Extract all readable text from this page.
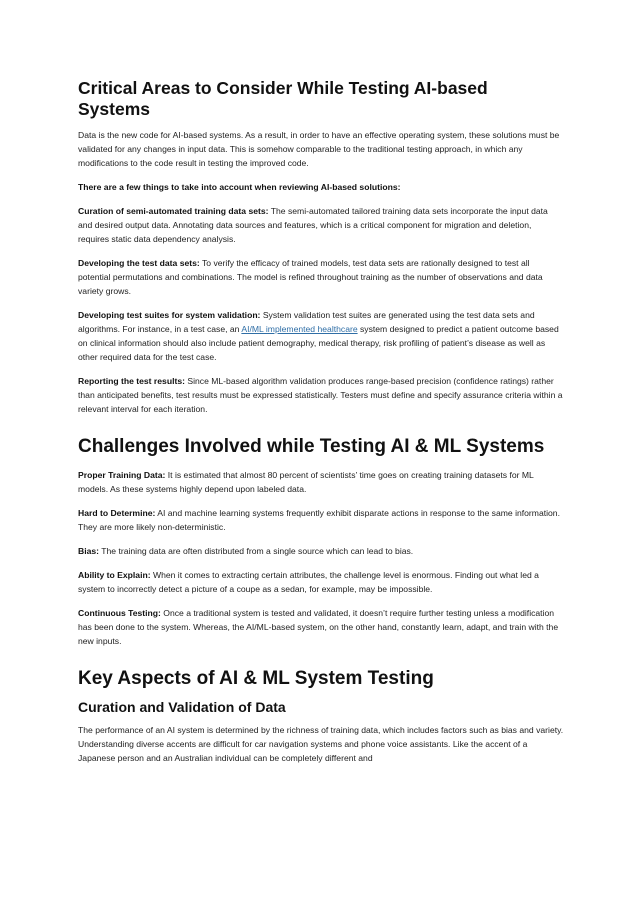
Critical Areas to Consider While Testing AI-based Systems

Data is the new code for AI-based systems. As a result, in order to have an effective operating system, these solutions must be validated for any changes in input data. This is somehow comparable to the traditional testing approach, in which any modifications to the code result in testing the improved code.

There are a few things to take into account when reviewing AI-based solutions:

Curation of semi-automated training data sets: The semi-automated tailored training data sets incorporate the input data and desired output data. Annotating data sources and features, which is a critical component for migration and deletion, requires static data dependency analysis.

Developing the test data sets: To verify the efficacy of trained models, test data sets are rationally designed to test all potential permutations and combinations. The model is refined throughout training as the number of observations and data variety grows.

Developing test suites for system validation: System validation test suites are generated using the test data sets and algorithms. For instance, in a test case, an AI/ML implemented healthcare system designed to predict a patient outcome based on clinical information should also include patient demography, medical therapy, risk profiling of patient’s disease as well as other required data for the test case.

Reporting the test results: Since ML-based algorithm validation produces range-based precision (confidence ratings) rather than anticipated benefits, test results must be expressed statistically. Testers must define and specify assurance criteria within a relevant interval for each iteration.

Challenges Involved while Testing AI & ML Systems

Proper Training Data: It is estimated that almost 80 percent of scientists’ time goes on creating training datasets for ML models. As these systems highly depend upon labeled data.

Hard to Determine: AI and machine learning systems frequently exhibit disparate actions in response to the same information. They are more likely non-deterministic.

Bias: The training data are often distributed from a single source which can lead to bias.

Ability to Explain: When it comes to extracting certain attributes, the challenge level is enormous. Finding out what led a system to incorrectly detect a picture of a coupe as a sedan, for example, may be impossible.

Continuous Testing: Once a traditional system is tested and validated, it doesn’t require further testing unless a modification has been done to the system. Whereas, the AI/ML-based system, on the other hand, constantly learn, adapt, and train with the new inputs.

Key Aspects of AI & ML System Testing
Curation and Validation of Data

The performance of an AI system is determined by the richness of training data, which includes factors such as bias and variety. Understanding diverse accents are difficult for car navigation systems and phone voice assistants. Like the accent of a Japanese person and an Australian individual can be completely different and
